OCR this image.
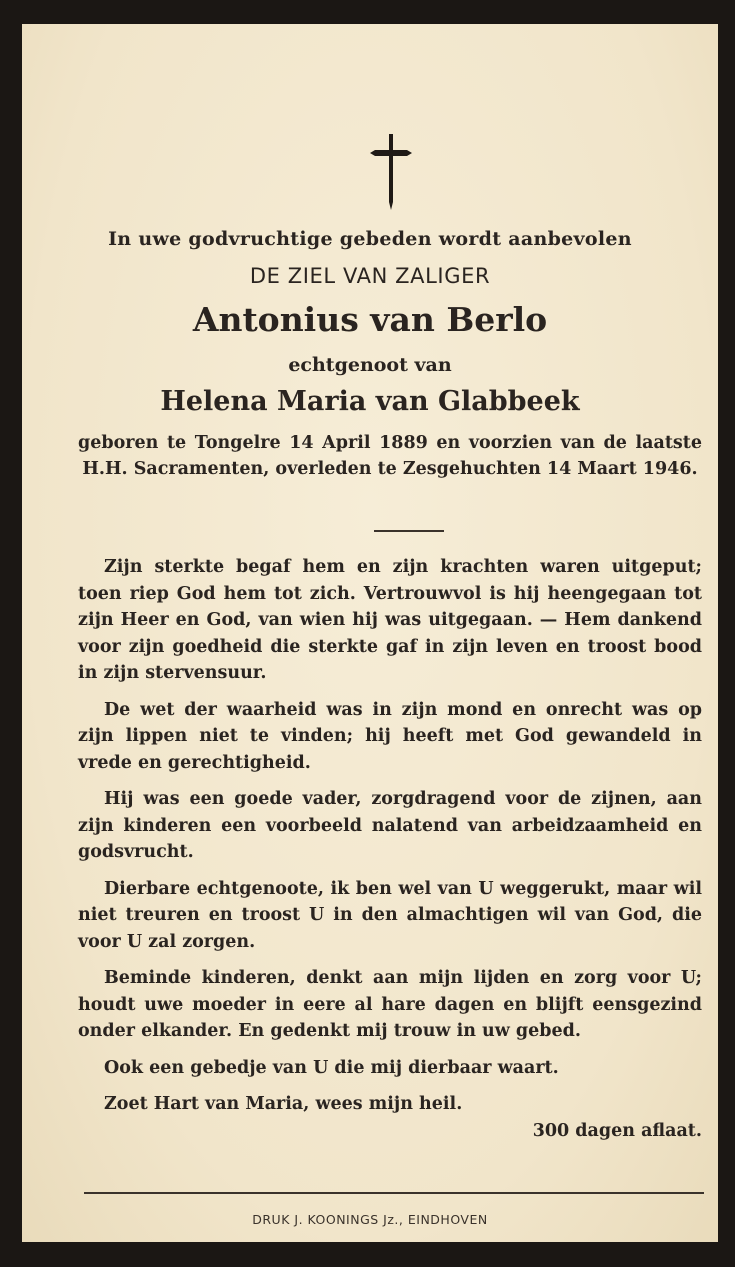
In uwe godvruchtige gebeden wordt aanbevolen
DE ZIEL VAN ZALIGER
Antonius van Berlo
echtgenoot van
Helena Maria van Glabbeek
geboren te Tongelre 14 April 1889 en voorzien van de laatste H.H. Sacramenten, overleden te Zesgehuchten 14 Maart 1946.

Zijn sterkte begaf hem en zijn krachten waren uitgeput; toen riep God hem tot zich. Vertrouwvol is hij heengegaan tot zijn Heer en God, van wien hij was uitgegaan. — Hem dankend voor zijn goedheid die sterkte gaf in zijn leven en troost bood in zijn stervensuur.

De wet der waarheid was in zijn mond en onrecht was op zijn lippen niet te vinden; hij heeft met God gewandeld in vrede en gerechtigheid.

Hij was een goede vader, zorgdragend voor de zijnen, aan zijn kinderen een voorbeeld nalatend van arbeidzaamheid en godsvrucht.

Dierbare echtgenoote, ik ben wel van U weggerukt, maar wil niet treuren en troost U in den almachtigen wil van God, die voor U zal zorgen.

Beminde kinderen, denkt aan mijn lijden en zorg voor U; houdt uwe moeder in eere al hare dagen en blijft eensgezind onder elkander. En gedenkt mij trouw in uw gebed.

Ook een gebedje van U die mij dierbaar waart.

Zoet Hart van Maria, wees mijn heil.
300 dagen aflaat.
DRUK J. KOONINGS Jz., EINDHOVEN
